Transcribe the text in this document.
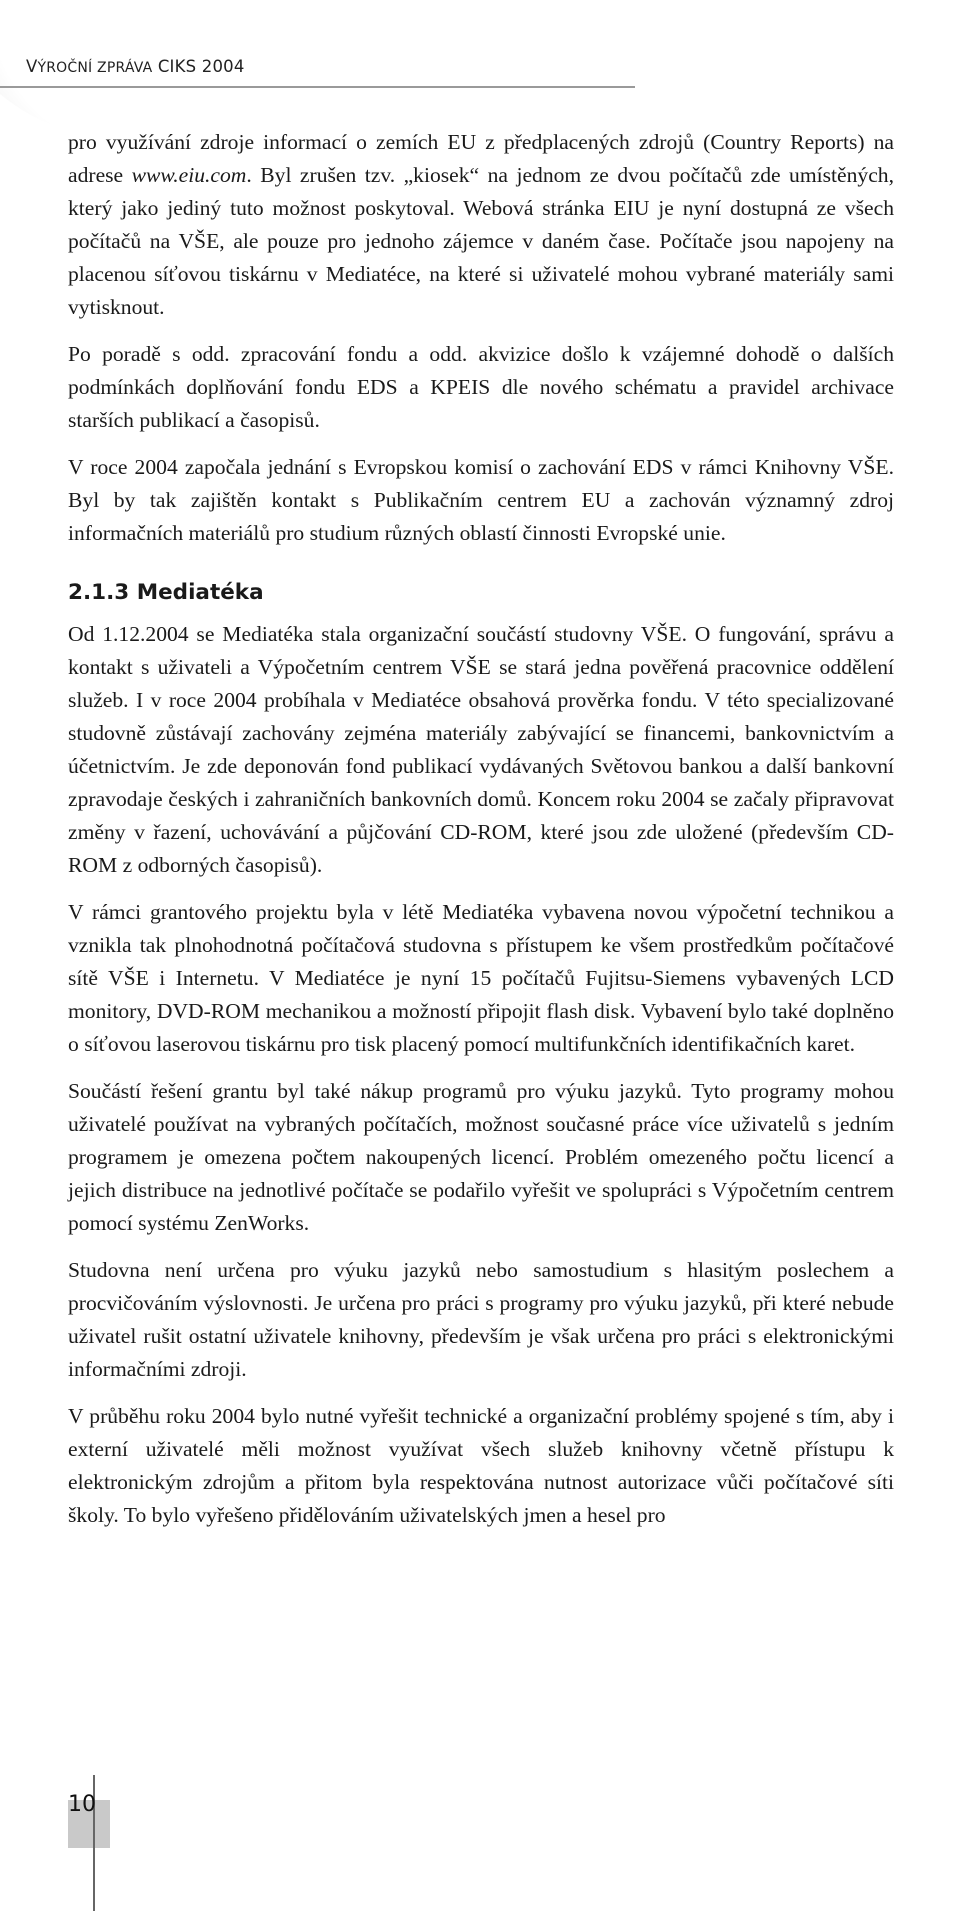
VÝROČNÍ ZPRÁVA CIKS 2004

pro využívání zdroje informací o zemích EU z předplacených zdrojů (Country Reports) na adrese www.eiu.com. Byl zrušen tzv. „kiosek“ na jednom ze dvou počítačů zde umístěných, který jako jediný tuto možnost poskytoval. Webová stránka EIU je nyní dostupná ze všech počítačů na VŠE, ale pouze pro jednoho zájemce v daném čase. Počítače jsou napojeny na placenou síťovou tiskárnu v Mediatéce, na které si uživatelé mohou vybrané materiály sami vytisknout.

Po poradě s odd. zpracování fondu a odd. akvizice došlo k vzájemné dohodě o dalších podmínkách doplňování fondu EDS a KPEIS dle nového schématu a pravidel archivace starších publikací a časopisů.

V roce 2004 započala jednání s Evropskou komisí o zachování EDS v rámci Knihovny VŠE. Byl by tak zajištěn kontakt s Publikačním centrem EU a zachován významný zdroj informačních materiálů pro studium různých oblastí činnosti Evropské unie.

2.1.3 Mediatéka

Od 1.12.2004 se Mediatéka stala organizační součástí studovny VŠE. O fungování, správu a kontakt s uživateli a Výpočetním centrem VŠE se stará jedna pověřená pracovnice oddělení služeb. I v roce 2004 probíhala v Mediatéce obsahová prověrka fondu. V této specializované studovně zůstávají zachovány zejména materiály zabývající se financemi, bankovnictvím a účetnictvím. Je zde deponován fond publikací vydávaných Světovou bankou a další bankovní zpravodaje českých i zahraničních bankovních domů. Koncem roku 2004 se začaly připravovat změny v řazení, uchovávání a půjčování CD-ROM, které jsou zde uložené (především CD-ROM z odborných časopisů).

V rámci grantového projektu byla v létě Mediatéka vybavena novou výpočetní technikou a vznikla tak plnohodnotná počítačová studovna s přístupem ke všem prostředkům počítačové sítě VŠE i Internetu. V Mediatéce je nyní 15 počítačů Fujitsu-Siemens vybavených LCD monitory, DVD-ROM mechanikou a možností připojit flash disk. Vybavení bylo také doplněno o síťovou laserovou tiskárnu pro tisk placený pomocí multifunkčních identifikačních karet.

Součástí řešení grantu byl také nákup programů pro výuku jazyků. Tyto programy mohou uživatelé používat na vybraných počítačích, možnost současné práce více uživatelů s jedním programem je omezena počtem nakoupených licencí. Problém omezeného počtu licencí a jejich distribuce na jednotlivé počítače se podařilo vyřešit ve spolupráci s Výpočetním centrem pomocí systému ZenWorks.

Studovna není určena pro výuku jazyků nebo samostudium s hlasitým poslechem a procvičováním výslovnosti. Je určena pro práci s programy pro výuku jazyků, při které nebude uživatel rušit ostatní uživatele knihovny, především je však určena pro práci s elektronickými informačními zdroji.

V průběhu roku 2004 bylo nutné vyřešit technické a organizační problémy spojené s tím, aby i externí uživatelé měli možnost využívat všech služeb knihovny včetně přístupu k elektronickým zdrojům a přitom byla respektována nutnost autorizace vůči počítačové síti školy. To bylo vyřešeno přidělováním uživatelských jmen a hesel pro

10
